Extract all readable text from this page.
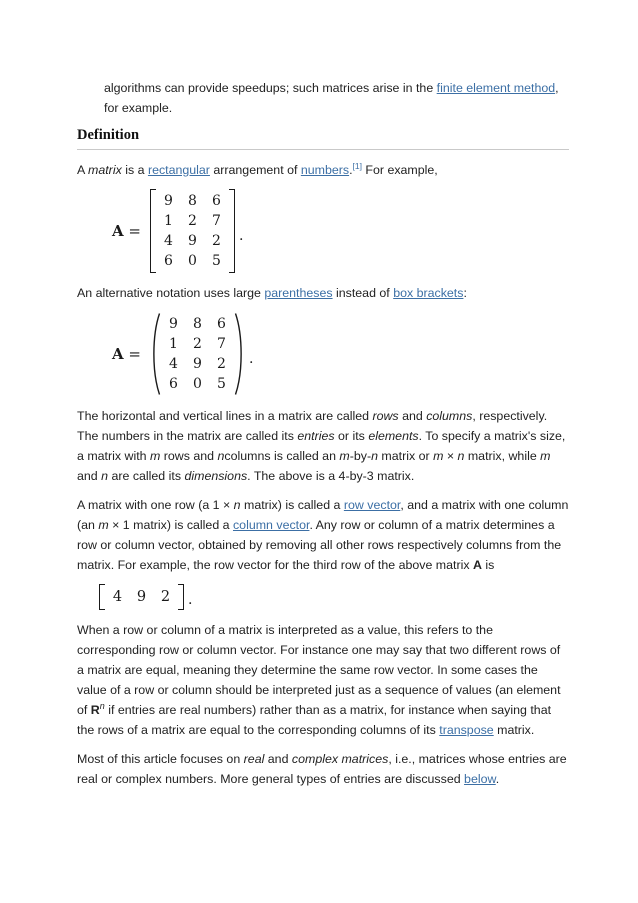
algorithms can provide speedups; such matrices arise in the finite element method, for example.

Definition

A matrix is a rectangular arrangement of numbers.[1] For example,

A =
9 8 6
1 2 7
4 9 2
6 0 5
.

An alternative notation uses large parentheses instead of box brackets:

A =
9 8 6
1 2 7
4 9 2
6 0 5
.

The horizontal and vertical lines in a matrix are called rows and columns, respectively. The numbers in the matrix are called its entries or its elements. To specify a matrix's size, a matrix with m rows and ncolumns is called an m-by-n matrix or m × n matrix, while m and n are called its dimensions. The above is a 4-by-3 matrix.

A matrix with one row (a 1 × n matrix) is called a row vector, and a matrix with one column (an m × 1 matrix) is called a column vector. Any row or column of a matrix determines a row or column vector, obtained by removing all other rows respectively columns from the matrix. For example, the row vector for the third row of the above matrix A is

4 9 2 .

When a row or column of a matrix is interpreted as a value, this refers to the corresponding row or column vector. For instance one may say that two different rows of a matrix are equal, meaning they determine the same row vector. In some cases the value of a row or column should be interpreted just as a sequence of values (an element of $R^n$ if entries are real numbers) rather than as a matrix, for instance when saying that the rows of a matrix are equal to the corresponding columns of its transpose matrix.

Most of this article focuses on real and complex matrices, i.e., matrices whose entries are real or complex numbers. More general types of entries are discussed below.
